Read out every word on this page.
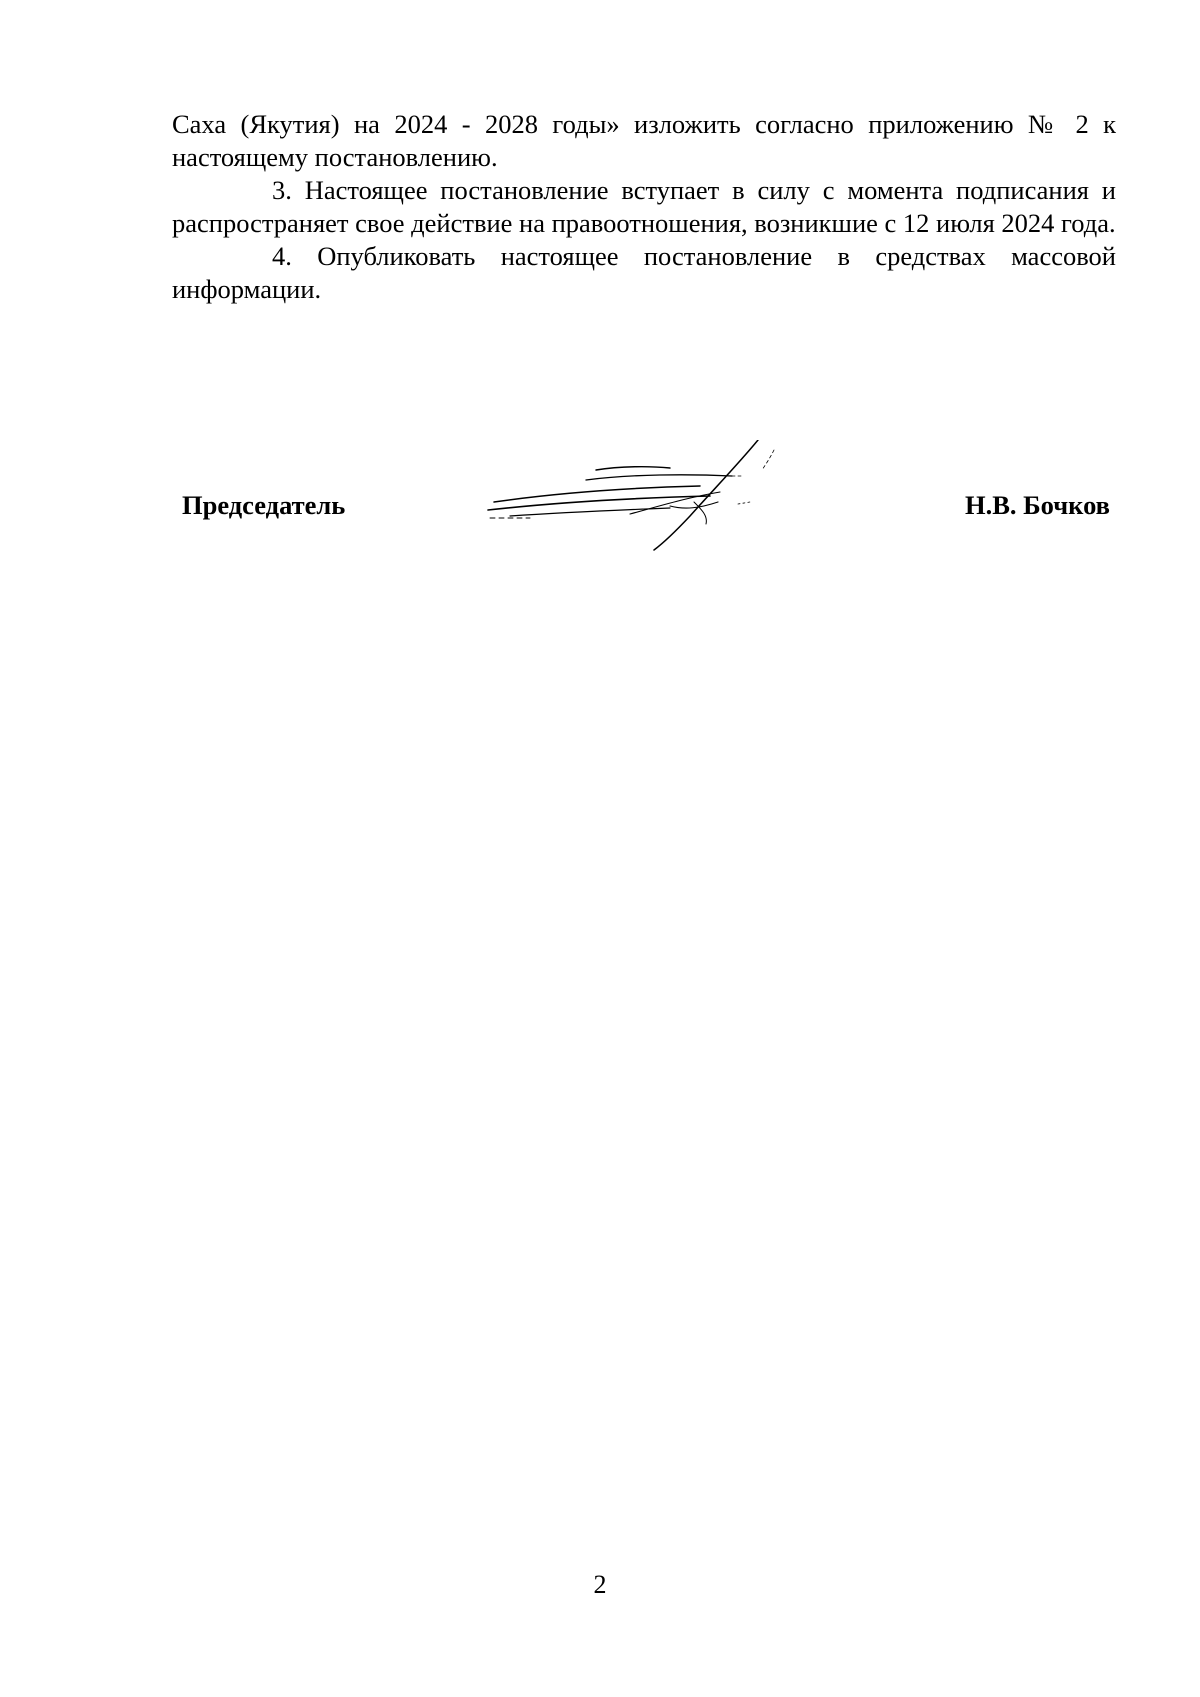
Саха (Якутия) на 2024 - 2028 годы» изложить согласно приложению № 2 к настоящему постановлению.

3. Настоящее постановление вступает в силу с момента подписания и распространяет свое действие на правоотношения, возникшие с 12 июля 2024 года.

4. Опубликовать настоящее постановление в средствах массовой информации.

Председатель	Н.В. Бочков
2
